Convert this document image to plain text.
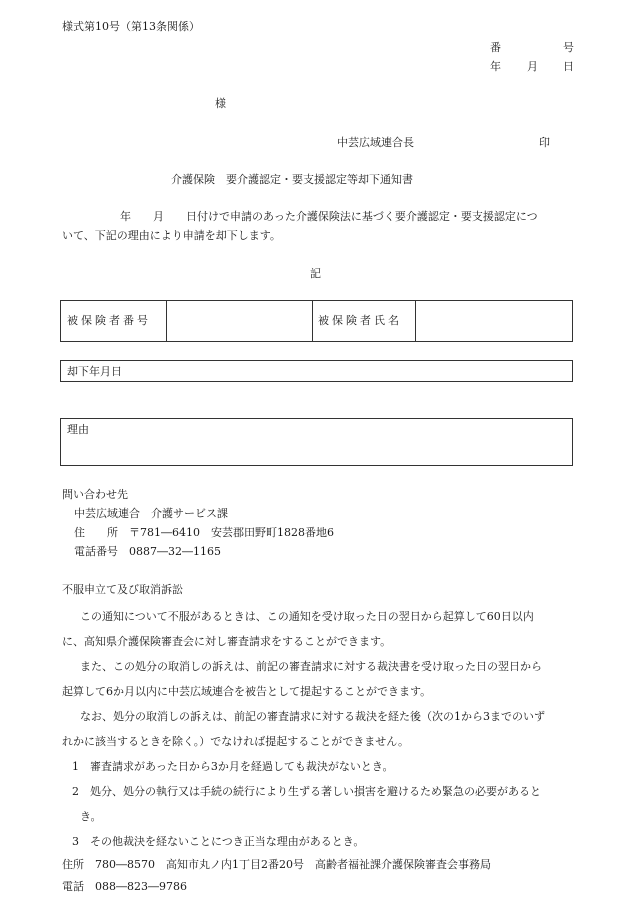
様式第10号（第13条関係）
番	号
年 月 日
様
中芸広域連合長	印
介護保険　要介護認定・要支援認定等却下通知書
年　　月　　日付けで申請のあった介護保険法に基づく要介護認定・要支援認定につ
いて、下記の理由により申請を却下します。
記
被保険者番号	被保険者氏名
却下年月日
理由
問い合わせ先
中芸広域連合　介護サービス課
住　　所　〒781―6410　安芸郡田野町1828番地6
電話番号　0887―32―1165
不服申立て及び取消訴訟
この通知について不服があるときは、この通知を受け取った日の翌日から起算して60日以内
に、高知県介護保険審査会に対し審査請求をすることができます。
また、この処分の取消しの訴えは、前記の審査請求に対する裁決書を受け取った日の翌日から
起算して6か月以内に中芸広域連合を被告として提起することができます。
なお、処分の取消しの訴えは、前記の審査請求に対する裁決を経た後（次の1から3までのいず
れかに該当するときを除く。）でなければ提起することができません。
1　審査請求があった日から3か月を経過しても裁決がないとき。
2　処分、処分の執行又は手続の続行により生ずる著しい損害を避けるため緊急の必要があると
き。
3　その他裁決を経ないことにつき正当な理由があるとき。
住所　780―8570　高知市丸ノ内1丁目2番20号　高齢者福祉課介護保険審査会事務局
電話　088―823―9786
